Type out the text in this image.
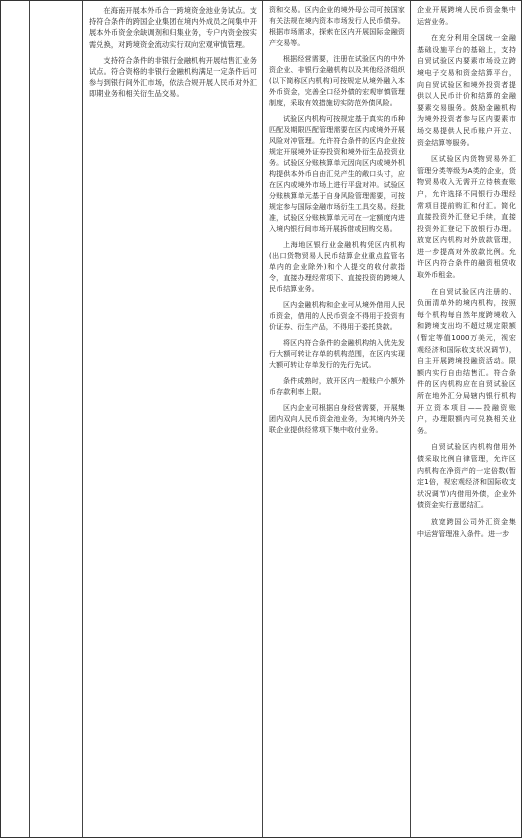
在海南开展本外币合一跨境资金池业务试点。支持符合条件的跨国企业集团在境内外成员之间集中开展本外币资金余缺调剂和归集业务，专户内资金按实需兑换，对跨境资金流动实行双向宏观审慎管理。

支持符合条件的非银行金融机构开展结售汇业务试点。符合资格的非银行金融机构满足一定条件后可参与到银行间外汇市场，依法合规开展人民币对外汇即期业务和相关衍生品交易。

资和交易。区内企业的境外母公司可按国家有关法规在境内资本市场发行人民币债券。根据市场需求，探索在区内开展国际金融资产交易等。

根据经营需要，注册在试验区内的中外资企业、非银行金融机构以及其他经济组织(以下简称区内机构)可按规定从境外融入本外币资金，完善全口径外债的宏观审慎管理制度，采取有效措施切实防范外债风险。

试验区内机构可按规定基于真实的币种匹配及期限匹配管理需要在区内或境外开展风险对冲管理。允许符合条件的区内企业按规定开展境外证券投资和境外衍生品投资业务。试验区分账核算单元因向区内或境外机构提供本外币自由汇兑产生的敞口头寸，应在区内或境外市场上进行平盘对冲。试验区分账核算单元基于自身风险管理需要，可按规定参与国际金融市场衍生工具交易。经批准，试验区分账核算单元可在一定额度内进入境内银行间市场开展拆借或回购交易。

上海地区银行业金融机构凭区内机构(出口货物贸易人民币结算企业重点监管名单内的企业除外)和个人提交的收付款指令，直接办理经常项下、直接投资的跨境人民币结算业务。

区内金融机构和企业可从境外借用人民币资金，借用的人民币资金不得用于投资有价证券、衍生产品，不得用于委托贷款。

将区内符合条件的金融机构纳入优先发行大额可转让存单的机构范围，在区内实现大额可转让存单发行的先行先试。

条件成熟时，放开区内一般账户小额外币存款利率上限。

区内企业可根据自身经营需要，开展集团内双向人民币资金池业务，为其境内外关联企业提供经常项下集中收付业务。

企业开展跨境人民币资金集中运营业务。

在充分利用全国统一金融基础设施平台的基础上，支持自贸试验区内要素市场设立跨境电子交易和资金结算平台，向自贸试验区和境外投资者提供以人民币计价和结算的金融要素交易服务。鼓励金融机构为境外投资者参与区内要素市场交易提供人民币账户开立、资金结算等服务。

区试验区内货物贸易外汇管理分类等级为A类的企业，货物贸易收入无需开立待核查账户，允许选择不同银行办理经常项目提前购汇和付汇。简化直接投资外汇登记手续，直接投资外汇登记下放银行办理。放宽区内机构对外放款管理，进一步提高对外放款比例。允许区内符合条件的融资租赁收取外币租金。

在自贸试验区内注册的、负面清单外的境内机构，按照每个机构每自然年度跨境收入和跨境支出均不超过规定限额(暂定等值1000万美元，视宏观经济和国际收支状况调节)，自主开展跨境投融资活动。限额内实行自由结售汇。符合条件的区内机构应在自贸试验区所在地外汇分局辖内银行机构开立资本项目——投融资账户，办理限额内可兑换相关业务。

自贸试验区内机构借用外债采取比例自律管理，允许区内机构在净资产的一定倍数(暂定1倍，视宏观经济和国际收支状况调节)内借用外债，企业外债资金实行意愿结汇。

放宽跨国公司外汇资金集中运营管理准入条件。进一步
